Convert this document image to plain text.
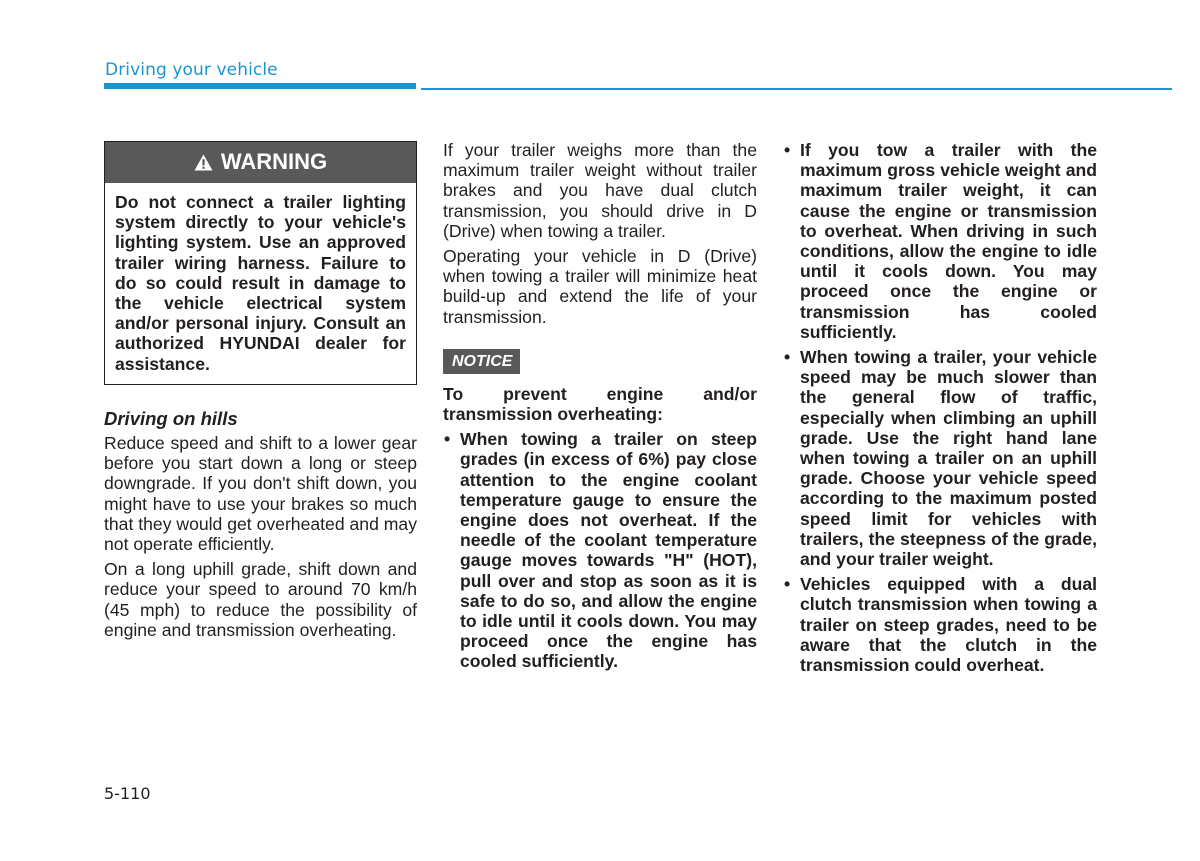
Driving your vehicle
WARNING
Do not connect a trailer lighting system directly to your vehicle's lighting system. Use an approved trailer wiring harness. Failure to do so could result in damage to the vehicle electrical system and/or personal injury. Consult an authorized HYUNDAI dealer for assistance.
Driving on hills

Reduce speed and shift to a lower gear before you start down a long or steep downgrade. If you don't shift down, you might have to use your brakes so much that they would get overheated and may not operate efficiently.

On a long uphill grade, shift down and reduce your speed to around 70 km/h (45 mph) to reduce the possibility of engine and transmission overheating.

If your trailer weighs more than the maximum trailer weight without trailer brakes and you have dual clutch transmission, you should drive in D (Drive) when towing a trailer.

Operating your vehicle in D (Drive) when towing a trailer will minimize heat build-up and extend the life of your transmission.

NOTICE

To prevent engine and/or transmission overheating:

• When towing a trailer on steep grades (in excess of 6%) pay close attention to the engine coolant temperature gauge to ensure the engine does not overheat. If the needle of the coolant temperature gauge moves towards "H" (HOT), pull over and stop as soon as it is safe to do so, and allow the engine to idle until it cools down. You may proceed once the engine has cooled sufficiently.
• If you tow a trailer with the maximum gross vehicle weight and maximum trailer weight, it can cause the engine or transmission to overheat. When driving in such conditions, allow the engine to idle until it cools down. You may proceed once the engine or transmission has cooled sufficiently.
• When towing a trailer, your vehicle speed may be much slower than the general flow of traffic, especially when climbing an uphill grade. Use the right hand lane when towing a trailer on an uphill grade. Choose your vehicle speed according to the maximum posted speed limit for vehicles with trailers, the steepness of the grade, and your trailer weight.
• Vehicles equipped with a dual clutch transmission when towing a trailer on steep grades, need to be aware that the clutch in the transmission could overheat.
5-110
